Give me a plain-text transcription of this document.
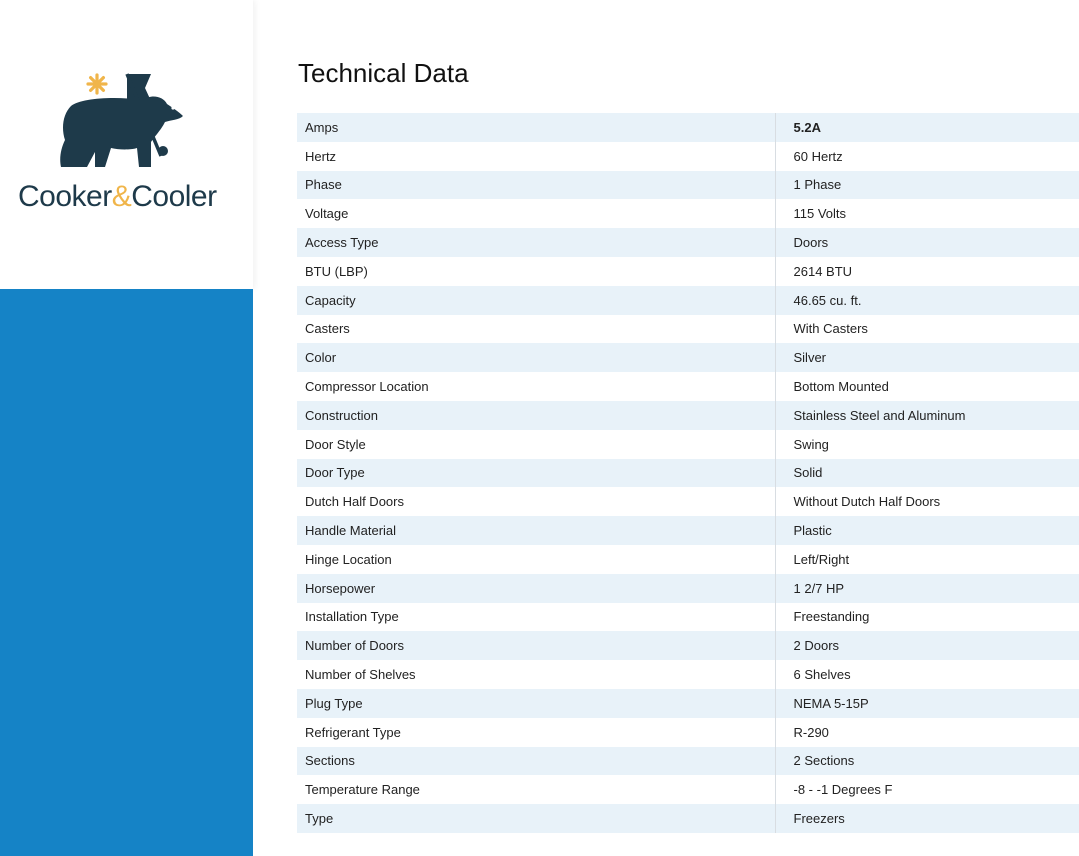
Cooker&Cooler
Technical Data
Amps	5.2A
Hertz	60 Hertz
Phase	1 Phase
Voltage	115 Volts
Access Type	Doors
BTU (LBP)	2614 BTU
Capacity	46.65 cu. ft.
Casters	With Casters
Color	Silver
Compressor Location	Bottom Mounted
Construction	Stainless Steel and Aluminum
Door Style	Swing
Door Type	Solid
Dutch Half Doors	Without Dutch Half Doors
Handle Material	Plastic
Hinge Location	Left/Right
Horsepower	1 2/7 HP
Installation Type	Freestanding
Number of Doors	2 Doors
Number of Shelves	6 Shelves
Plug Type	NEMA 5-15P
Refrigerant Type	R-290
Sections	2 Sections
Temperature Range	-8 - -1 Degrees F
Type	Freezers
